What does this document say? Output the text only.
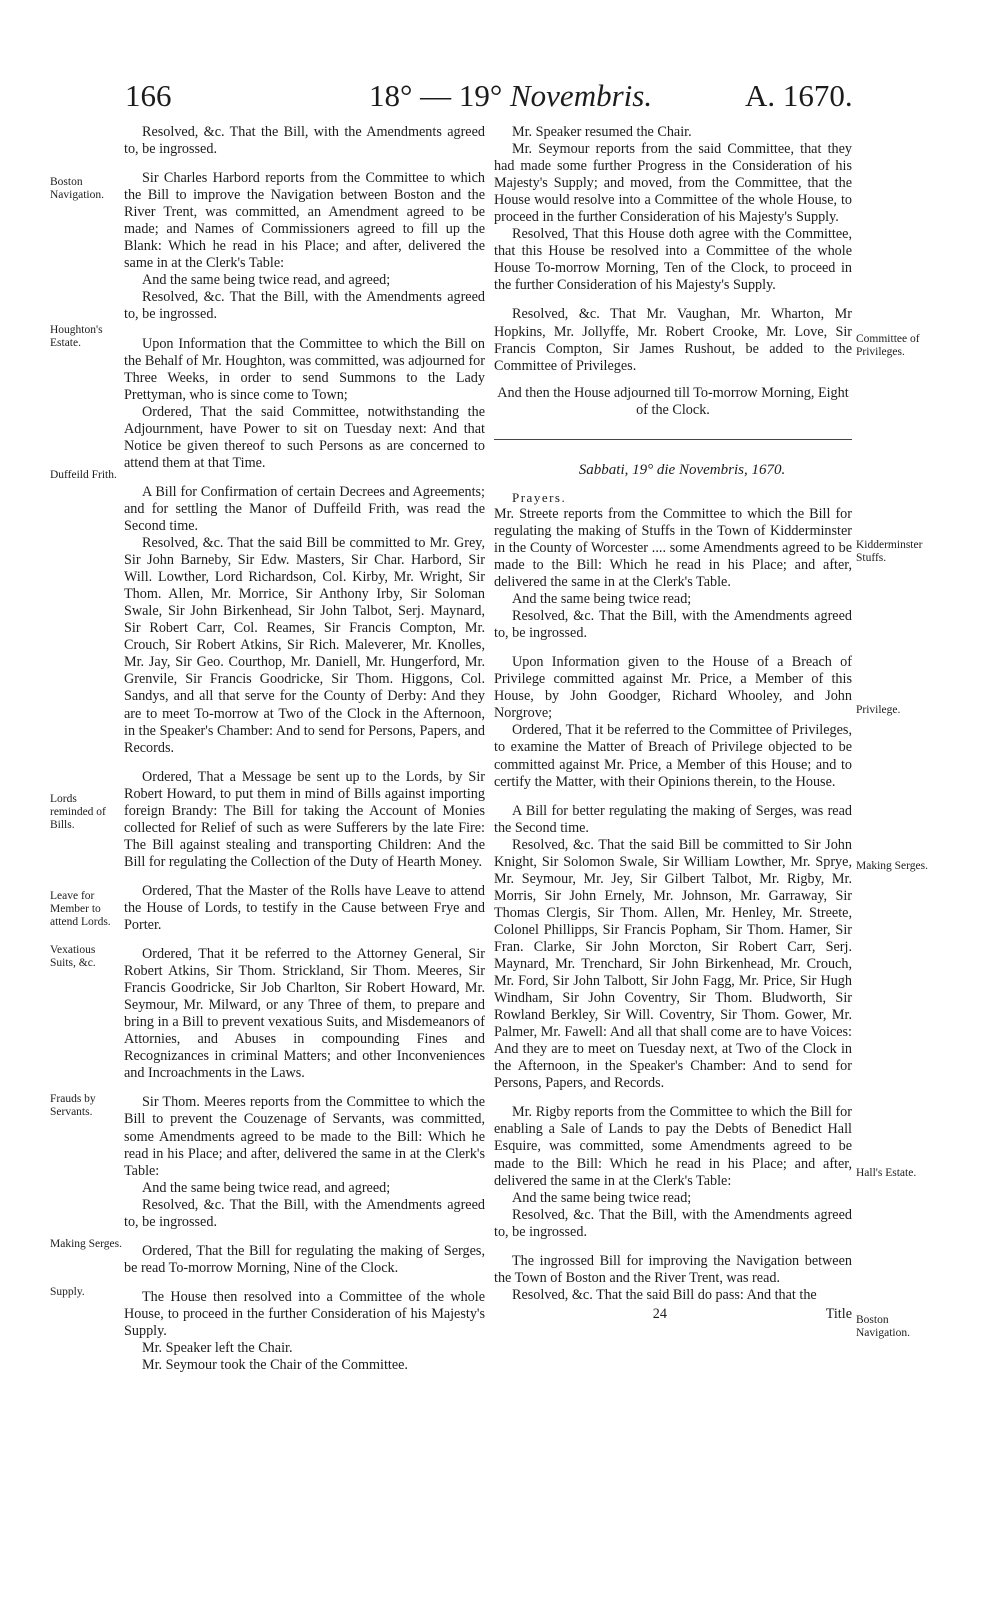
166	18° — 19° Novembris.	A. 1670.
Boston Navigation.
Houghton's Estate.
Duffeild Frith.
Lords reminded of Bills.
Leave for Member to attend Lords.
Vexatious Suits, &c.
Frauds by Servants.
Making Serges.
Supply.
Committee of Privileges.
Kidderminster Stuffs.
Privilege.
Making Serges.
Hall's Estate.
Boston Navigation.

Resolved, &c. That the Bill, with the Amendments agreed to, be ingrossed.

Sir Charles Harbord reports from the Committee to which the Bill to improve the Navigation between Boston and the River Trent, was committed, an Amendment agreed to be made; and Names of Commissioners agreed to fill up the Blank: Which he read in his Place; and after, delivered the same in at the Clerk's Table:

And the same being twice read, and agreed;

Resolved, &c. That the Bill, with the Amendments agreed to, be ingrossed.

Upon Information that the Committee to which the Bill on the Behalf of Mr. Houghton, was committed, was adjourned for Three Weeks, in order to send Summons to the Lady Prettyman, who is since come to Town;

Ordered, That the said Committee, notwithstanding the Adjournment, have Power to sit on Tuesday next: And that Notice be given thereof to such Persons as are concerned to attend them at that Time.

A Bill for Confirmation of certain Decrees and Agreements; and for settling the Manor of Duffeild Frith, was read the Second time.

Resolved, &c. That the said Bill be committed to Mr. Grey, Sir John Barneby, Sir Edw. Masters, Sir Char. Harbord, Sir Will. Lowther, Lord Richardson, Col. Kirby, Mr. Wright, Sir Thom. Allen, Mr. Morrice, Sir Anthony Irby, Sir Soloman Swale, Sir John Birkenhead, Sir John Talbot, Serj. Maynard, Sir Robert Carr, Col. Reames, Sir Francis Compton, Mr. Crouch, Sir Robert Atkins, Sir Rich. Maleverer, Mr. Knolles, Mr. Jay, Sir Geo. Courthop, Mr. Daniell, Mr. Hungerford, Mr. Grenvile, Sir Francis Goodricke, Sir Thom. Higgons, Col. Sandys, and all that serve for the County of Derby: And they are to meet To-morrow at Two of the Clock in the Afternoon, in the Speaker's Chamber: And to send for Persons, Papers, and Records.

Ordered, That a Message be sent up to the Lords, by Sir Robert Howard, to put them in mind of Bills against importing foreign Brandy: The Bill for taking the Account of Monies collected for Relief of such as were Sufferers by the late Fire: The Bill against stealing and transporting Children: And the Bill for regulating the Collection of the Duty of Hearth Money.

Ordered, That the Master of the Rolls have Leave to attend the House of Lords, to testify in the Cause between Frye and Porter.

Ordered, That it be referred to the Attorney General, Sir Robert Atkins, Sir Thom. Strickland, Sir Thom. Meeres, Sir Francis Goodricke, Sir Job Charlton, Sir Robert Howard, Mr. Seymour, Mr. Milward, or any Three of them, to prepare and bring in a Bill to prevent vexatious Suits, and Misdemeanors of Attornies, and Abuses in compounding Fines and Recognizances in criminal Matters; and other Inconveniences and Incroachments in the Laws.

Sir Thom. Meeres reports from the Committee to which the Bill to prevent the Couzenage of Servants, was committed, some Amendments agreed to be made to the Bill: Which he read in his Place; and after, delivered the same in at the Clerk's Table:

And the same being twice read, and agreed;

Resolved, &c. That the Bill, with the Amendments agreed to, be ingrossed.

Ordered, That the Bill for regulating the making of Serges, be read To-morrow Morning, Nine of the Clock.

The House then resolved into a Committee of the whole House, to proceed in the further Consideration of his Majesty's Supply.

Mr. Speaker left the Chair.

Mr. Seymour took the Chair of the Committee.

Mr. Speaker resumed the Chair.

Mr. Seymour reports from the said Committee, that they had made some further Progress in the Consideration of his Majesty's Supply; and moved, from the Committee, that the House would resolve into a Committee of the whole House, to proceed in the further Consideration of his Majesty's Supply.

Resolved, That this House doth agree with the Committee, that this House be resolved into a Committee of the whole House To-morrow Morning, Ten of the Clock, to proceed in the further Consideration of his Majesty's Supply.

Resolved, &c. That Mr. Vaughan, Mr. Wharton, Mr Hopkins, Mr. Jollyffe, Mr. Robert Crooke, Mr. Love, Sir Francis Compton, Sir James Rushout, be added to the Committee of Privileges.

And then the House adjourned till To-morrow Morning, Eight of the Clock.

Sabbati, 19° die Novembris, 1670.

Prayers.

Mr. Streete reports from the Committee to which the Bill for regulating the making of Stuffs in the Town of Kidderminster in the County of Worcester .... some Amendments agreed to be made to the Bill: Which he read in his Place; and after, delivered the same in at the Clerk's Table.

And the same being twice read;

Resolved, &c. That the Bill, with the Amendments agreed to, be ingrossed.

Upon Information given to the House of a Breach of Privilege committed against Mr. Price, a Member of this House, by John Goodger, Richard Whooley, and John Norgrove;

Ordered, That it be referred to the Committee of Privileges, to examine the Matter of Breach of Privilege objected to be committed against Mr. Price, a Member of this House; and to certify the Matter, with their Opinions therein, to the House.

A Bill for better regulating the making of Serges, was read the Second time.

Resolved, &c. That the said Bill be committed to Sir John Knight, Sir Solomon Swale, Sir William Lowther, Mr. Sprye, Mr. Seymour, Mr. Jey, Sir Gilbert Talbot, Mr. Rigby, Mr. Morris, Sir John Ernely, Mr. Johnson, Mr. Garraway, Sir Thomas Clergis, Sir Thom. Allen, Mr. Henley, Mr. Streete, Colonel Phillipps, Sir Francis Popham, Sir Thom. Hamer, Sir Fran. Clarke, Sir John Morcton, Sir Robert Carr, Serj. Maynard, Mr. Trenchard, Sir John Birkenhead, Mr. Crouch, Mr. Ford, Sir John Talbott, Sir John Fagg, Mr. Price, Sir Hugh Windham, Sir John Coventry, Sir Thom. Bludworth, Sir Rowland Berkley, Sir Will. Coventry, Sir Thom. Gower, Mr. Palmer, Mr. Fawell: And all that shall come are to have Voices: And they are to meet on Tuesday next, at Two of the Clock in the Afternoon, in the Speaker's Chamber: And to send for Persons, Papers, and Records.

Mr. Rigby reports from the Committee to which the Bill for enabling a Sale of Lands to pay the Debts of Benedict Hall Esquire, was committed, some Amendments agreed to be made to the Bill: Which he read in his Place; and after, delivered the same in at the Clerk's Table:

And the same being twice read;

Resolved, &c. That the Bill, with the Amendments agreed to, be ingrossed.

The ingrossed Bill for improving the Navigation between the Town of Boston and the River Trent, was read.

Resolved, &c. That the said Bill do pass: And that the

24	Title
